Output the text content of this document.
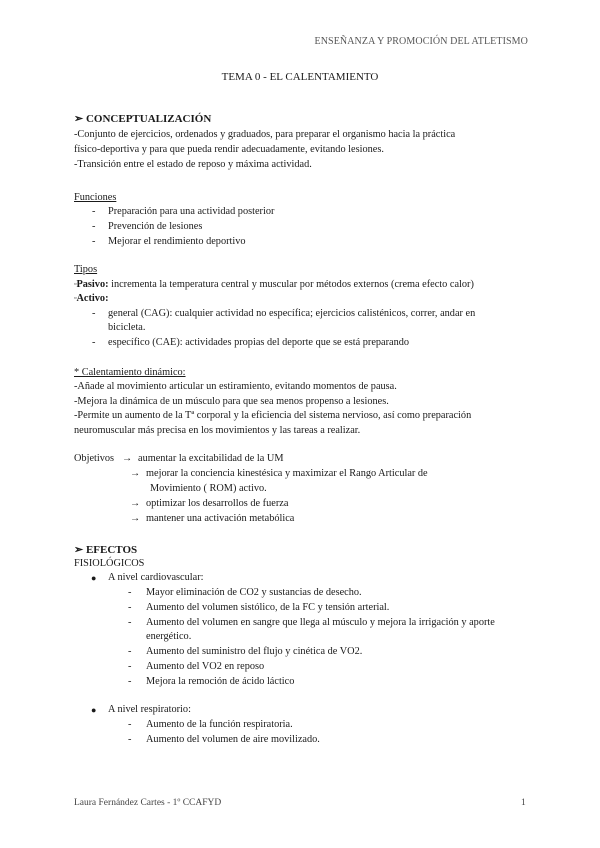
ENSEÑANZA Y PROMOCIÓN DEL ATLETISMO
TEMA 0 - EL CALENTAMIENTO
➢ CONCEPTUALIZACIÓN
-Conjunto de ejercicios, ordenados y graduados, para preparar el organismo hacia la práctica
físico-deportiva y para que pueda rendir adecuadamente, evitando lesiones.
-Transición entre el estado de reposo y máxima actividad.
Funciones
- Preparación para una actividad posterior
- Prevención de lesiones
- Mejorar el rendimiento deportivo
Tipos
▫Pasivo: incrementa la temperatura central y muscular por métodos externos (crema efecto calor)
▫Activo:
- general (CAG): cualquier actividad no específica; ejercicios calisténicos, correr, andar en
bicicleta.
- específico (CAE): actividades propias del deporte que se está preparando
* Calentamiento dinámico:
-Añade al movimiento articular un estiramiento, evitando momentos de pausa.
-Mejora la dinámica de un músculo para que sea menos propenso a lesiones.
-Permite un aumento de la Tª corporal y la eficiencia del sistema nervioso, así como preparación
neuromuscular más precisa en los movimientos y las tareas a realizar.
Objetivos → aumentar la excitabilidad de la UM
→ mejorar la conciencia kinestésica y maximizar el Rango Articular de
Movimiento ( ROM) activo.
→ optimizar los desarrollos de fuerza
→ mantener una activación metabólica
➢ EFECTOS
FISIOLÓGICOS
● A nivel cardiovascular:
- Mayor eliminación de CO2 y sustancias de desecho.
- Aumento del volumen sistólico, de la FC y tensión arterial.
- Aumento del volumen en sangre que llega al músculo y mejora la irrigación y aporte
energético.
- Aumento del suministro del flujo y cinética de VO2.
- Aumento del VO2 en reposo
- Mejora la remoción de ácido láctico
● A nivel respiratorio:
- Aumento de la función respiratoria.
- Aumento del volumen de aire movilizado.
Laura Fernández Cartes - 1º CCAFYD	1
